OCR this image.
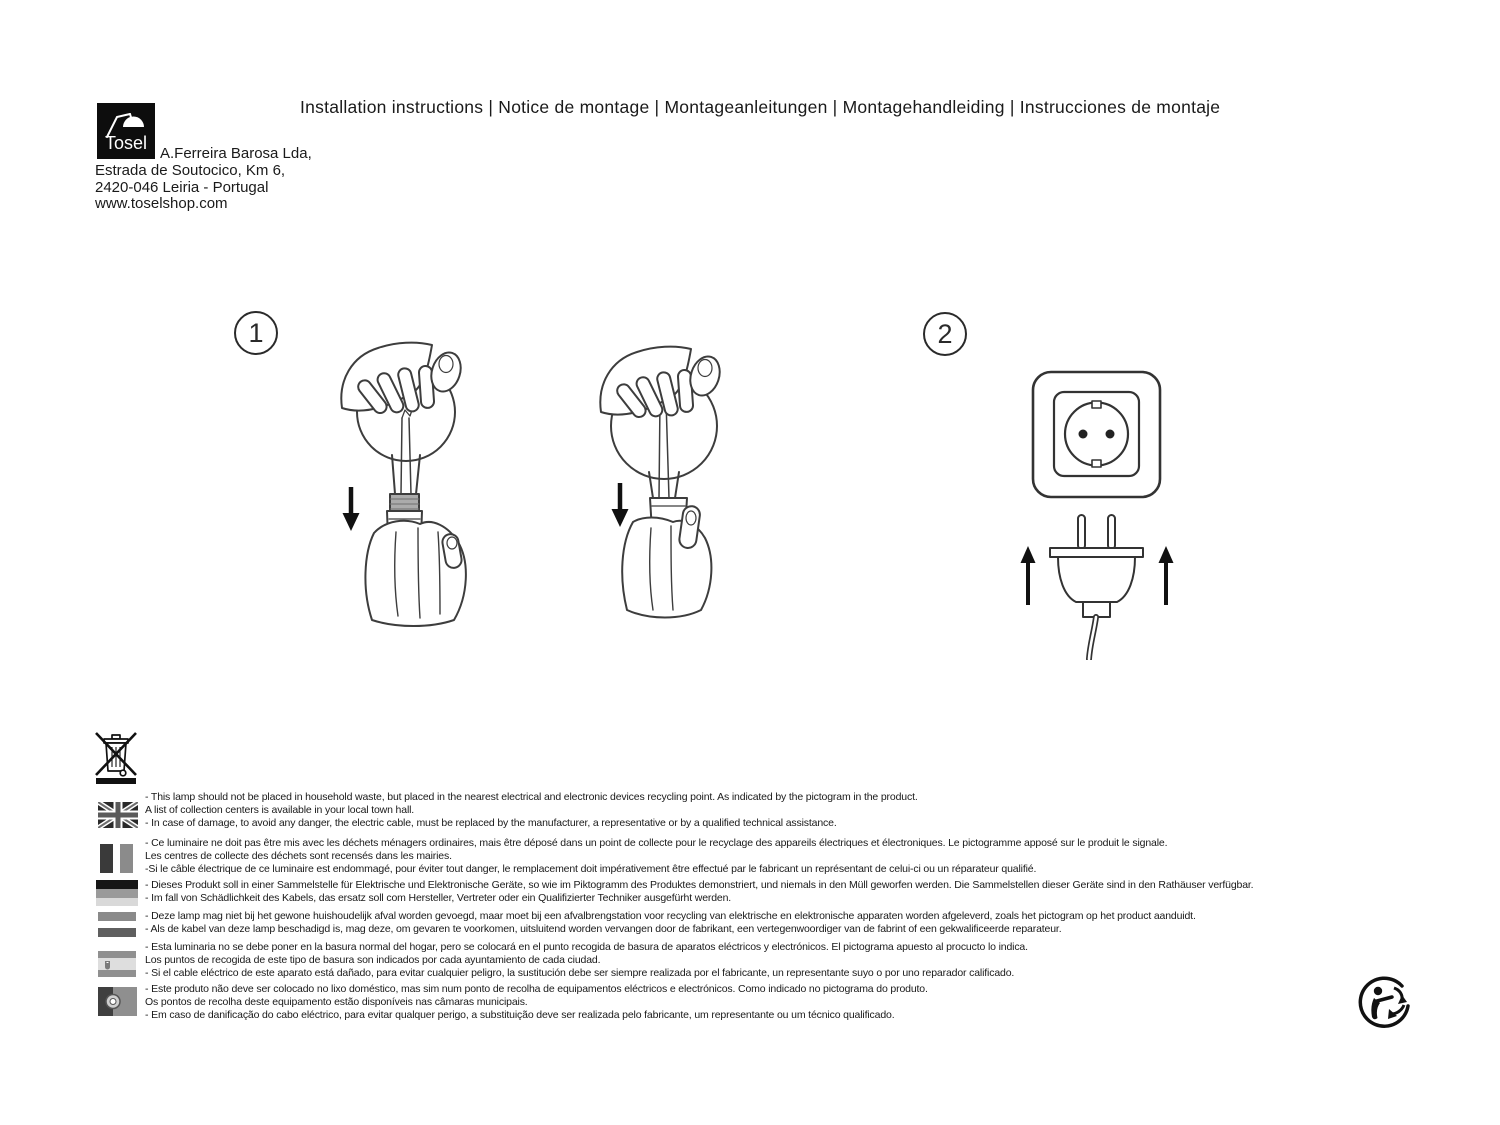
Tosel
Installation instructions | Notice de montage | Montageanleitungen | Montagehandleiding | Instrucciones de montaje
A.Ferreira Barosa Lda,
Estrada de Soutocico, Km 6,
2420-046 Leiria - Portugal
www.toselshop.com
1	2
- This lamp should not be placed in household waste, but placed in the nearest electrical and electronic devices recycling point. As indicated by the pictogram in the product.
A list of collection centers is available in your local town hall.
- In case of damage, to avoid any danger, the electric cable, must be replaced by the manufacturer, a representative or by a qualified technical assistance.
- Ce luminaire ne doit pas être mis avec les déchets ménagers ordinaires, mais être déposé dans un point de collecte pour le recyclage des appareils électriques et électroniques. Le pictogramme apposé sur le produit le signale.
Les centres de collecte des déchets sont recensés dans les mairies.
-Si le câble électrique de ce luminaire est endommagé, pour éviter tout danger, le remplacement doit impérativement être effectué par le fabricant un représentant de celui-ci ou un réparateur qualifié.
- Dieses Produkt soll in einer Sammelstelle für Elektrische und Elektronische Geräte, so wie im Piktogramm des Produktes demonstriert, und niemals in den Müll geworfen werden. Die Sammelstellen dieser Geräte sind in den Rathäuser verfügbar.
- Im fall von Schädlichkeit des Kabels, das ersatz soll com Hersteller, Vertreter oder ein Qualifizierter Techniker ausgefürht werden.
- Deze lamp mag niet bij het gewone huishoudelijk afval worden gevoegd, maar moet bij een afvalbrengstation voor recycling van elektrische en elektronische apparaten worden afgeleverd, zoals het pictogram op het product aanduidt.
- Als de kabel van deze lamp beschadigd is, mag deze, om gevaren te voorkomen, uitsluitend worden vervangen door de fabrikant, een vertegenwoordiger van de fabrint of een gekwalificeerde reparateur.
- Esta luminaria no se debe poner en la basura normal del hogar, pero se colocará en el punto recogida de basura de aparatos eléctricos y electrónicos. El pictograma apuesto al procucto lo indica.
Los puntos de recogida de este tipo de basura son indicados por cada ayuntamiento de cada ciudad.
- Si el cable eléctrico de este aparato está dañado, para evitar cualquier peligro, la sustitución debe ser siempre realizada por el fabricante, un representante suyo o por uno reparador calificado.
- Este produto não deve ser colocado no lixo doméstico, mas sim num ponto de recolha de equipamentos eléctricos e electrónicos. Como indicado no pictograma do produto.
Os pontos de recolha deste equipamento estão disponíveis nas câmaras municipais.
- Em caso de danificação do cabo eléctrico, para evitar qualquer perigo, a substituição deve ser realizada pelo fabricante, um representante ou um técnico qualificado.
